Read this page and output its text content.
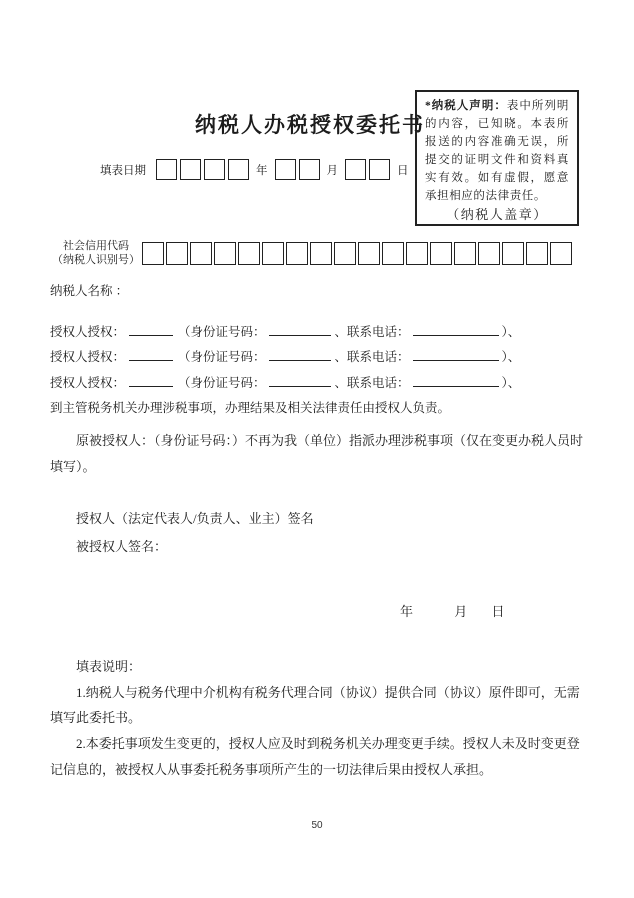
*纳税人声明：表中所列明的内容，已知晓。本表所报送的内容准确无误，所提交的证明文件和资料真实有效。如有虚假，愿意承担相应的法律责任。

（纳税人盖章）
纳税人办税授权委托书
填表日期	年	月	日
社会信用代码
（纳税人识别号）
纳税人名称 ：
授权人授权：	（身份证号码：	、联系电话：	）、
授权人授权：	（身份证号码：	、联系电话：	）、
授权人授权：	（身份证号码：	、联系电话：	）、
到主管税务机关办理涉税事项，办理结果及相关法律责任由授权人负责。

原被授权人：（身份证号码：）不再为我（单位）指派办理涉税事项（仅在变更办税人员时填写）。

授权人（法定代表人/负责人、业主）签名
被授权人签名：
年	月 日
填表说明：

1.纳税人与税务代理中介机构有税务代理合同（协议）提供合同（协议）原件即可，无需填写此委托书。

2.本委托事项发生变更的，授权人应及时到税务机关办理变更手续。授权人未及时变更登记信息的，被授权人从事委托税务事项所产生的一切法律后果由授权人承担。

50
